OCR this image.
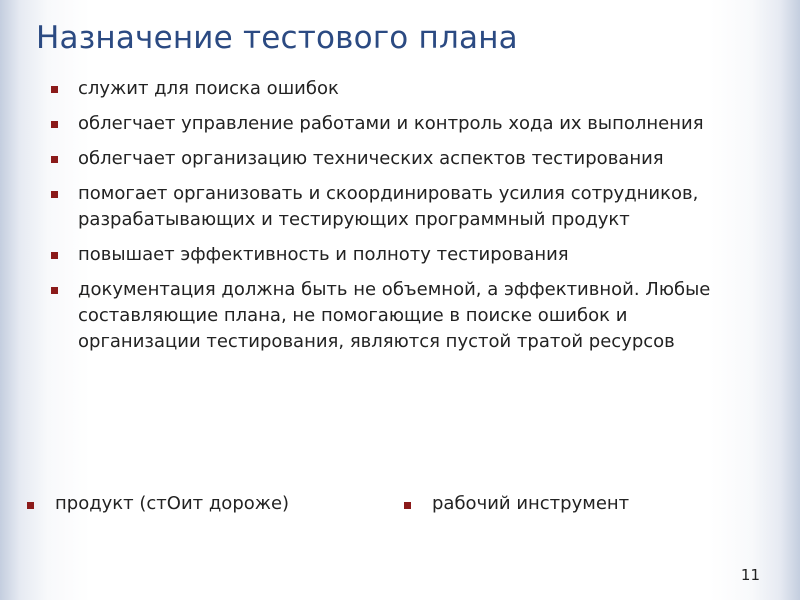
Назначение тестового плана
служит для поиска ошибок
облегчает управление работами и контроль хода их выполнения
облегчает организацию технических аспектов тестирования
помогает организовать и скоординировать усилия сотрудников, разрабатывающих и тестирующих программный продукт
повышает эффективность и полноту тестирования
документация должна быть не объемной, а эффективной. Любые составляющие плана, не помогающие в поиске ошибок и организации тестирования, являются пустой тратой ресурсов
продукт (стОит дороже)	рабочий инструмент
11
